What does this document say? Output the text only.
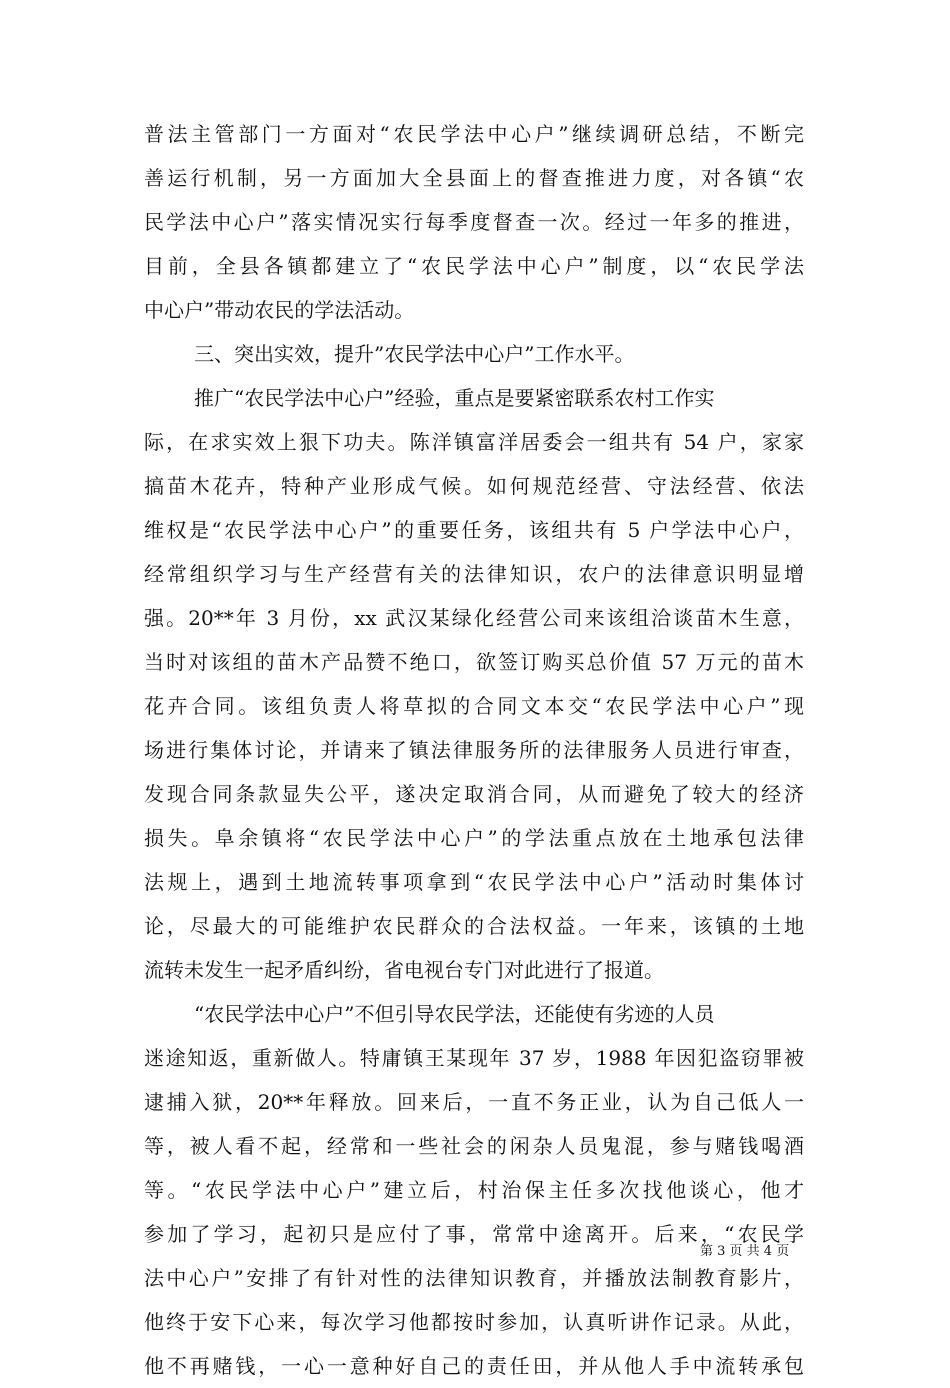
普法主管部门一方面对“农民学法中心户”继续调研总结，不断完
善运行机制，另一方面加大全县面上的督查推进力度，对各镇“农
民学法中心户”落实情况实行每季度督查一次。经过一年多的推进，
目前，全县各镇都建立了“农民学法中心户”制度，以“农民学法
中心户”带动农民的学法活动。
三、突出实效，提升”农民学法中心户”工作水平。
推广“农民学法中心户”经验，重点是要紧密联系农村工作实
际，在求实效上狠下功夫。陈洋镇富洋居委会一组共有 54 户，家家
搞苗木花卉，特种产业形成气候。如何规范经营、守法经营、依法
维权是“农民学法中心户”的重要任务，该组共有 5 户学法中心户，
经常组织学习与生产经营有关的法律知识，农户的法律意识明显增
强。20**年 3 月份，xx 武汉某绿化经营公司来该组洽谈苗木生意，
当时对该组的苗木产品赞不绝口，欲签订购买总价值 57 万元的苗木
花卉合同。该组负责人将草拟的合同文本交“农民学法中心户”现
场进行集体讨论，并请来了镇法律服务所的法律服务人员进行审查，
发现合同条款显失公平，遂决定取消合同，从而避免了较大的经济
损失。阜余镇将“农民学法中心户”的学法重点放在土地承包法律
法规上，遇到土地流转事项拿到“农民学法中心户”活动时集体讨
论，尽最大的可能维护农民群众的合法权益。一年来，该镇的土地
流转未发生一起矛盾纠纷，省电视台专门对此进行了报道。
“农民学法中心户”不但引导农民学法，还能使有劣迹的人员
迷途知返，重新做人。特庸镇王某现年 37 岁，1988 年因犯盗窃罪被
逮捕入狱，20**年释放。回来后，一直不务正业，认为自己低人一
等，被人看不起，经常和一些社会的闲杂人员鬼混，参与赌钱喝酒
等。“农民学法中心户”建立后，村治保主任多次找他谈心，他才
参加了学习，起初只是应付了事，常常中途离开。后来，“农民学
法中心户”安排了有针对性的法律知识教育，并播放法制教育影片，
他终于安下心来，每次学习他都按时参加，认真听讲作记录。从此，
他不再赌钱，一心一意种好自己的责任田，并从他人手中流转承包
第 3 页 共 4 页
